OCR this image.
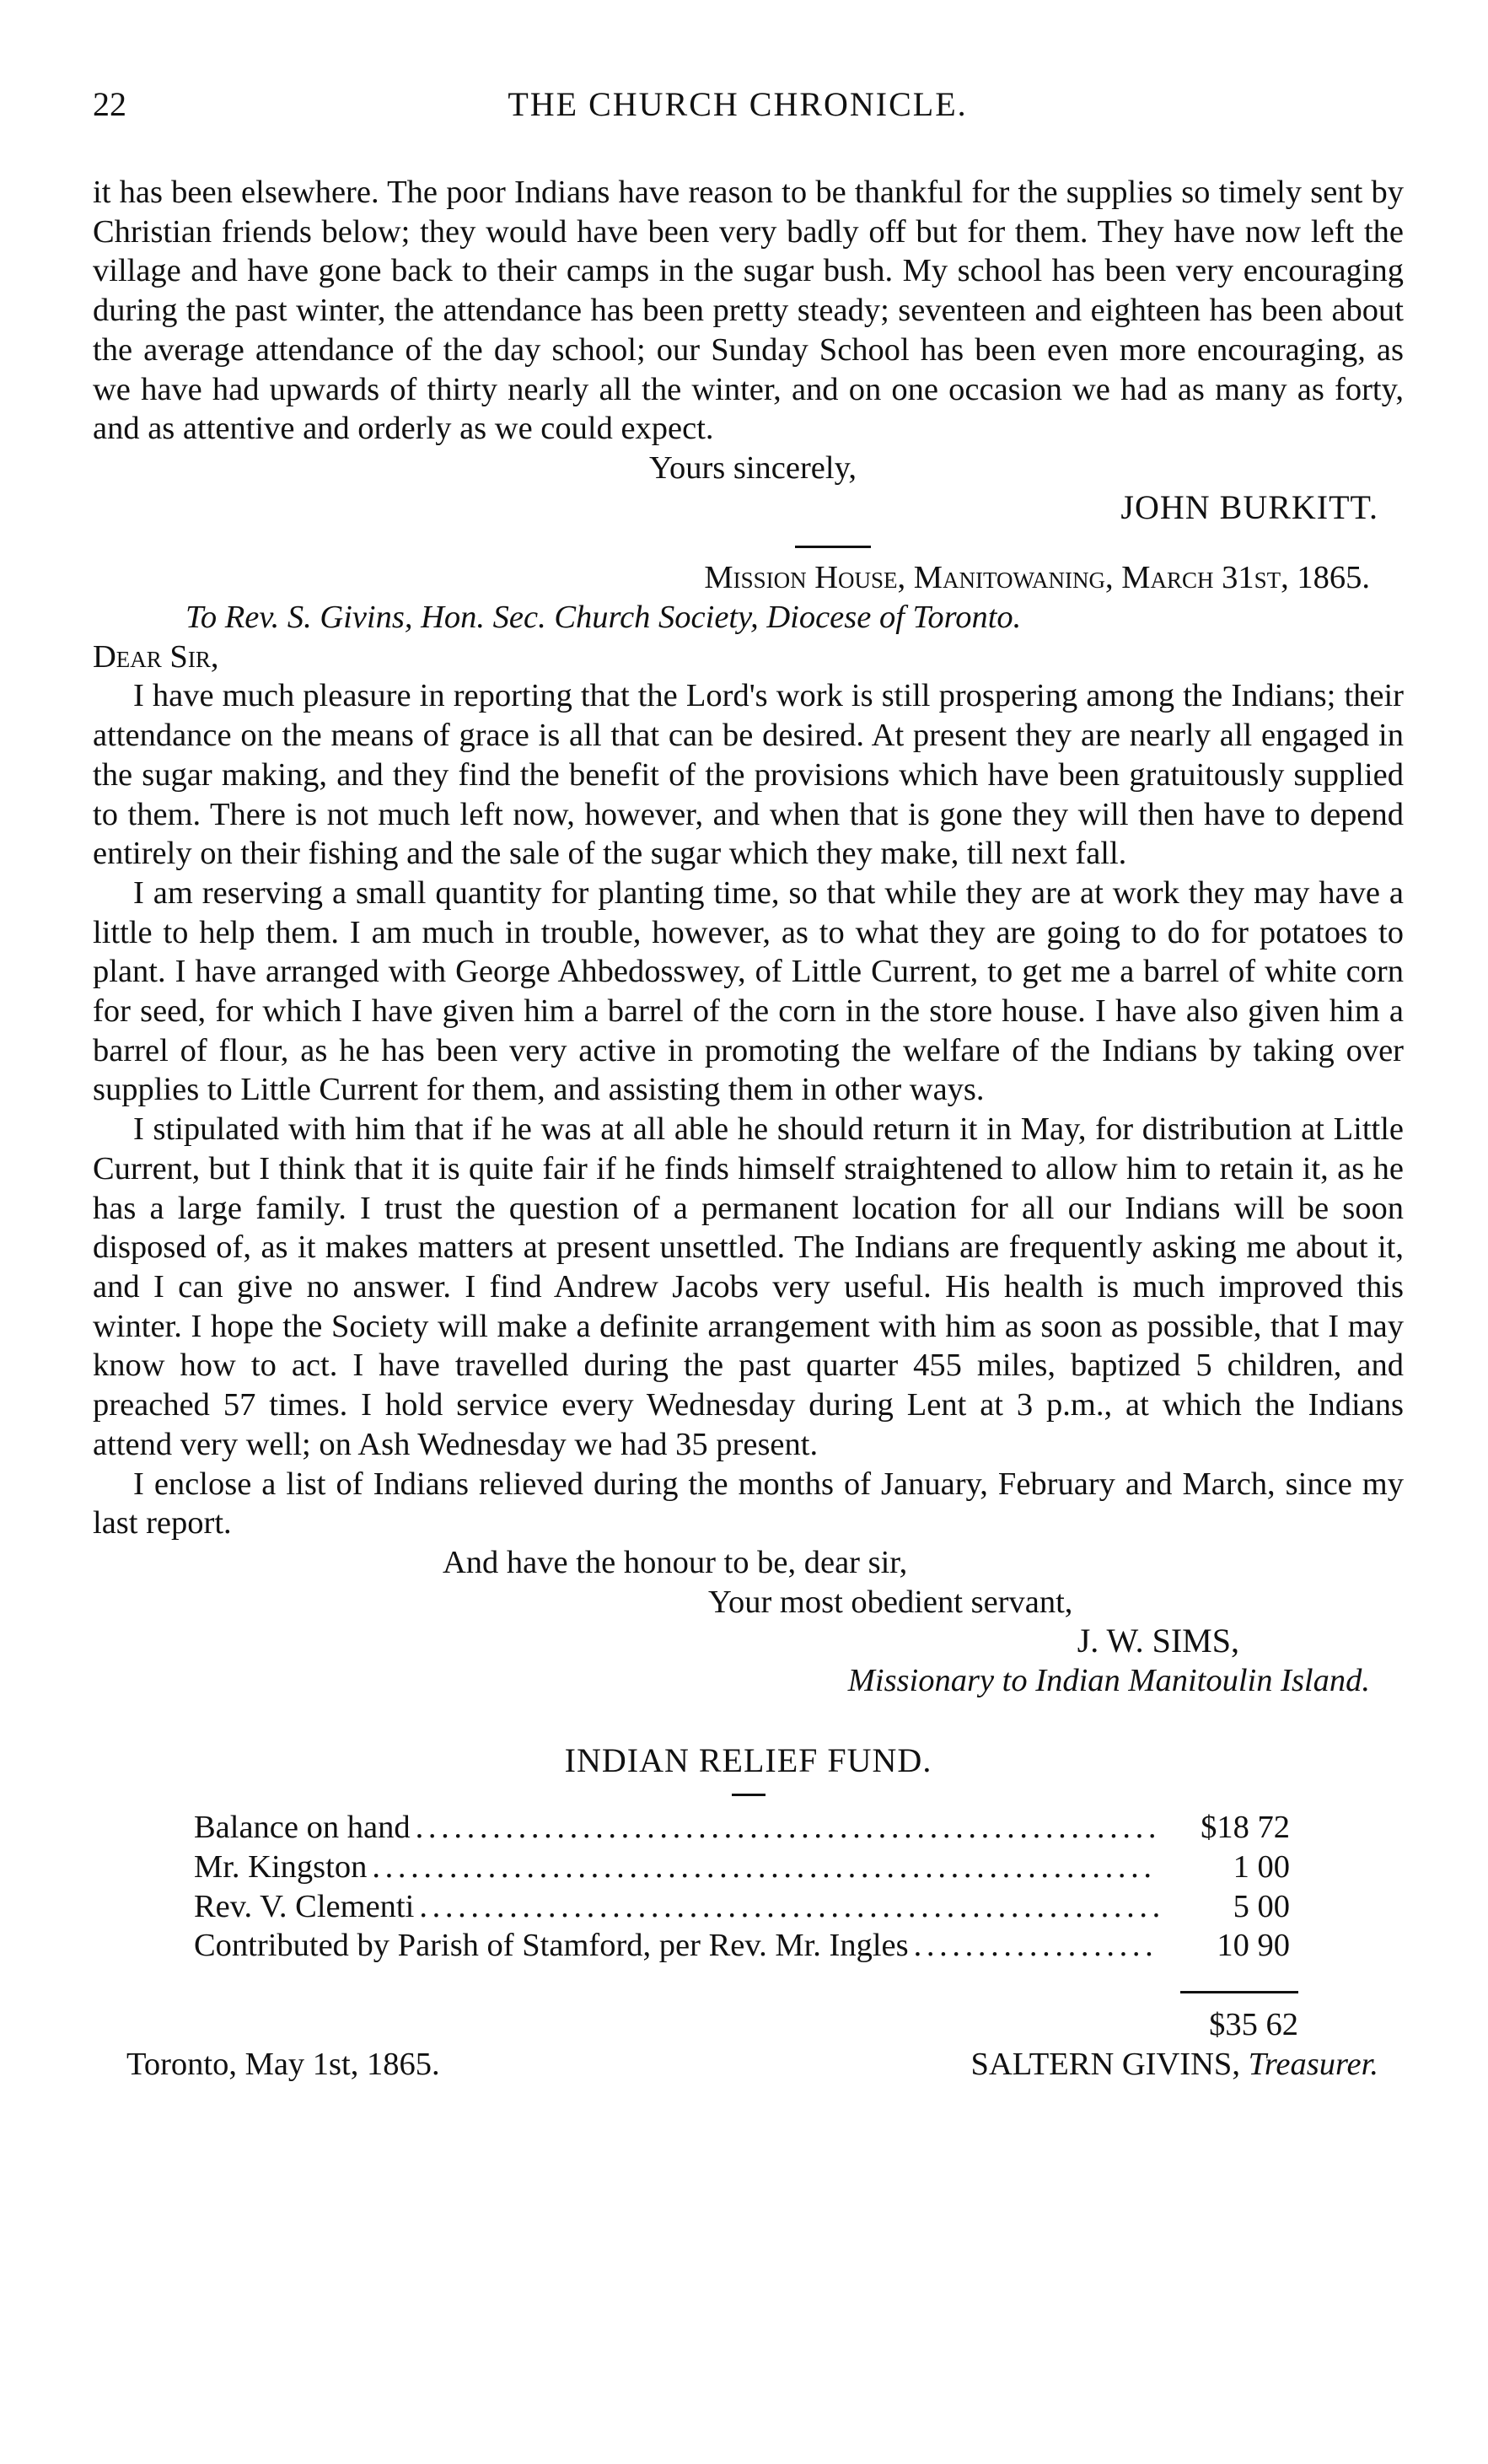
22	THE CHURCH CHRONICLE.

it has been elsewhere. The poor Indians have reason to be thankful for the supplies so timely sent by Christian friends below; they would have been very badly off but for them. They have now left the village and have gone back to their camps in the sugar bush. My school has been very encouraging during the past winter, the attendance has been pretty steady; seventeen and eighteen has been about the average attendance of the day school; our Sunday School has been even more encouraging, as we have had upwards of thirty nearly all the winter, and on one occasion we had as many as forty, and as attentive and orderly as we could expect.

Yours sincerely,

JOHN BURKITT.

Mission House, Manitowaning, March 31st, 1865.

To Rev. S. Givins, Hon. Sec. Church Society, Diocese of Toronto.

Dear Sir,

I have much pleasure in reporting that the Lord's work is still prospering among the Indians; their attendance on the means of grace is all that can be desired. At present they are nearly all engaged in the sugar making, and they find the benefit of the provisions which have been gratuitously supplied to them. There is not much left now, however, and when that is gone they will then have to depend entirely on their fishing and the sale of the sugar which they make, till next fall.

I am reserving a small quantity for planting time, so that while they are at work they may have a little to help them. I am much in trouble, however, as to what they are going to do for potatoes to plant. I have arranged with George Ahbedosswey, of Little Current, to get me a barrel of white corn for seed, for which I have given him a barrel of the corn in the store house. I have also given him a barrel of flour, as he has been very active in promoting the welfare of the Indians by taking over supplies to Little Current for them, and assisting them in other ways.

I stipulated with him that if he was at all able he should return it in May, for distribution at Little Current, but I think that it is quite fair if he finds himself straightened to allow him to retain it, as he has a large family. I trust the question of a permanent location for all our Indians will be soon disposed of, as it makes matters at present unsettled. The Indians are frequently asking me about it, and I can give no answer. I find Andrew Jacobs very useful. His health is much improved this winter. I hope the Society will make a definite arrangement with him as soon as possible, that I may know how to act. I have travelled during the past quarter 455 miles, baptized 5 children, and preached 57 times. I hold service every Wednesday during Lent at 3 p.m., at which the Indians attend very well; on Ash Wednesday we had 35 present.

I enclose a list of Indians relieved during the months of January, February and March, since my last report.

And have the honour to be, dear sir,

Your most obedient servant,

J. W. SIMS,

Missionary to Indian Manitoulin Island.

INDIAN RELIEF FUND.

Balance on hand . . .	$18 72
Mr. Kingston . . .	1 00
Rev. V. Clementi . . .	5 00
Contributed by Parish of Stamford, per Rev. Mr. Ingles . . .	10 90
$35 62
Toronto, May 1st, 1865.	SALTERN GIVINS, Treasurer.
